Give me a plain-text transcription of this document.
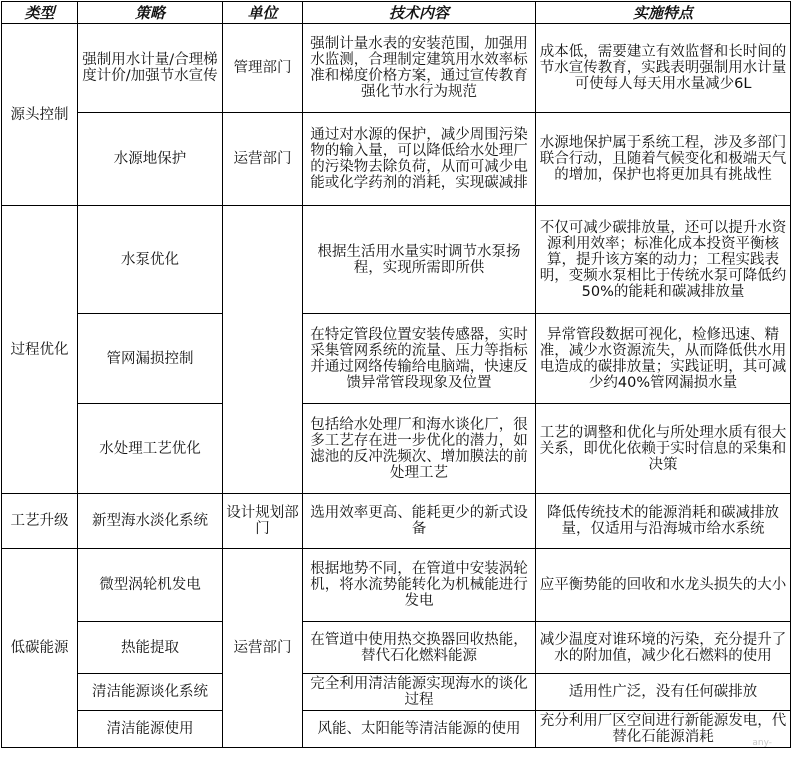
类型	策略	单位	技术内容	实施特点
源头控制	强制用水计量/合理梯度计价/加强节水宣传	管理部门	强制计量水表的安装范围，加强用水监测，合理制定建筑用水效率标准和梯度价格方案，通过宣传教育强化节水行为规范	成本低，需要建立有效监督和长时间的节水宣传教育，实践表明强制用水计量可使每人每天用水量减少6L
	水源地保护	运营部门	通过对水源的保护，减少周围污染物的输入量，可以降低给水处理厂的污染物去除负荷，从而可减少电能或化学药剂的消耗，实现碳减排	水源地保护属于系统工程，涉及多部门联合行动，且随着气候变化和极端天气的增加，保护也将更加具有挑战性
过程优化	水泵优化		根据生活用水量实时调节水泵扬程，实现所需即所供	不仅可减少碳排放量，还可以提升水资源利用效率；标准化成本投资平衡核算，提升该方案的动力；工程实践表明，变频水泵相比于传统水泵可降低约50%的能耗和碳减排放量
	管网漏损控制		在特定管段位置安装传感器，实时采集管网系统的流量、压力等指标并通过网络传输给电脑端，快速反馈异常管段现象及位置	异常管段数据可视化，检修迅速、精准，减少水资源流失，从而降低供水用电造成的碳排放量；实践证明，其可减少约40%管网漏损水量
	水处理工艺优化		包括给水处理厂和海水谈化厂，很多工艺存在进一步优化的潜力，如滤池的反冲洗频次、增加膜法的前处理工艺	工艺的调整和优化与所处理水质有很大关系，即优化依赖于实时信息的采集和决策
工艺升级	新型海水淡化系统	设计规划部门	选用效率更高、能耗更少的新式设备	降低传统技术的能源消耗和碳减排放量，仅适用与沿海城市给水系统
低碳能源	微型涡轮机发电	运营部门	根据地势不同，在管道中安装涡轮机，将水流势能转化为机械能进行发电	应平衡势能的回收和水龙头损失的大小
	热能提取		在管道中使用热交换器回收热能，替代石化燃料能源	减少温度对谁环境的污染，充分提升了水的附加值，减少化石燃料的使用
	清洁能源谈化系统		完全利用清洁能源实现海水的谈化过程	适用性广泛，没有任何碳排放
	清洁能源使用		风能、太阳能等清洁能源的使用	充分利用厂区空间进行新能源发电，代替化石能源消耗	any-
